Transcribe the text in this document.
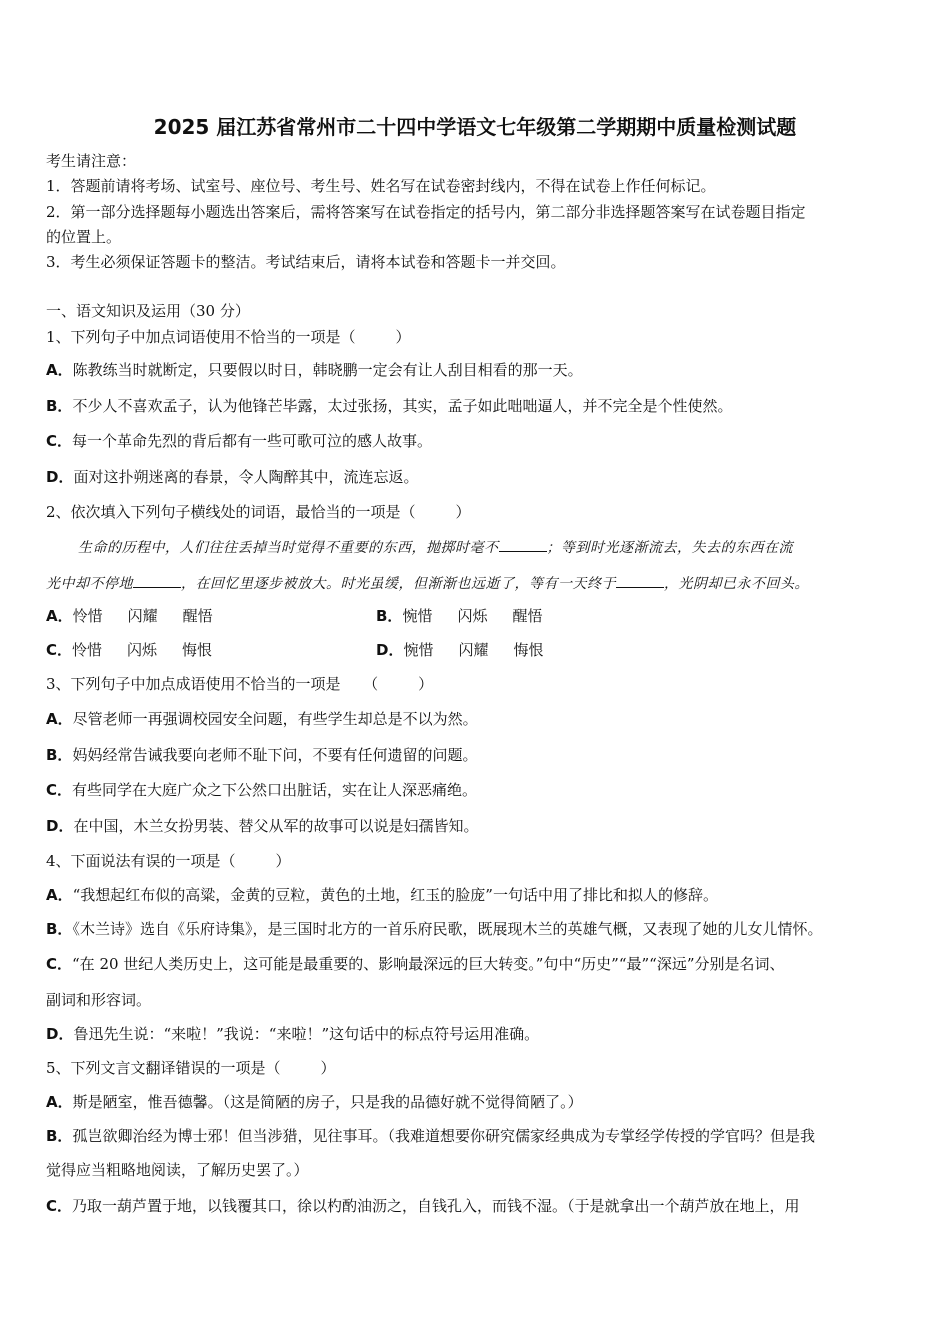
2025 届江苏省常州市二十四中学语文七年级第二学期期中质量检测试题
考生请注意：
1．答题前请将考场、试室号、座位号、考生号、姓名写在试卷密封线内，不得在试卷上作任何标记。
2．第一部分选择题每小题选出答案后，需将答案写在试卷指定的括号内，第二部分非选择题答案写在试卷题目指定
的位置上。
3．考生必须保证答题卡的整洁。考试结束后，请将本试卷和答题卡一并交回。
一、语文知识及运用（30 分）
1、下列句子中加点词语使用不恰当的一项是（	）
A．陈教练当时就断定，只要假以时日，韩晓鹏一定会有让人刮目相看的那一天。
B．不少人不喜欢孟子，认为他锋芒毕露，太过张扬，其实，孟子如此咄咄逼人，并不完全是个性使然。
C．每一个革命先烈的背后都有一些可歌可泣的感人故事。
D．面对这扑朔迷离的春景，令人陶醉其中，流连忘返。
2、依次填入下列句子横线处的词语，最恰当的一项是（	）
生命的历程中，人们往往丢掉当时觉得不重要的东西，抛掷时毫不	；等到时光逐渐流去，失去的东西在流
光中却不停地	，在回忆里逐步被放大。时光虽缓，但渐渐也远逝了，等有一天终于	，光阴却已永不回头。
A．怜惜　 闪耀　 醒悟	B．惋惜　 闪烁　 醒悟
C．怜惜　 闪烁　 悔恨	D．惋惜　 闪耀　 悔恨
3、下列句子中加点成语使用不恰当的一项是　　 （	）
A．尽管老师一再强调校园安全问题，有些学生却总是不以为然。
B．妈妈经常告诫我要向老师不耻下问，不要有任何遗留的问题。
C．有些同学在大庭广众之下公然口出脏话，实在让人深恶痛绝。
D．在中国，木兰女扮男装、替父从军的故事可以说是妇孺皆知。
4、下面说法有误的一项是（	）
A．“我想起红布似的高粱，金黄的豆粒，黄色的土地，红玉的脸庞”一句话中用了排比和拟人的修辞。
B．《木兰诗》选自《乐府诗集》，是三国时北方的一首乐府民歌，既展现木兰的英雄气概，又表现了她的儿女儿情怀。
C．“在 20 世纪人类历史上，这可能是最重要的、影响最深远的巨大转变。”句中“历史”“最”“深远”分别是名词、
副词和形容词。
D．鲁迅先生说：“来啦！”我说：“来啦！”这句话中的标点符号运用准确。
5、下列文言文翻译错误的一项是（	）
A．斯是陋室，惟吾德馨。（这是简陋的房子，只是我的品德好就不觉得简陋了。）
B．孤岂欲卿治经为博士邪！但当涉猎，见往事耳。（我难道想要你研究儒家经典成为专掌经学传授的学官吗？但是我
觉得应当粗略地阅读，了解历史罢了。）
C．乃取一葫芦置于地，以钱覆其口，徐以杓酌油沥之，自钱孔入，而钱不湿。（于是就拿出一个葫芦放在地上，用
